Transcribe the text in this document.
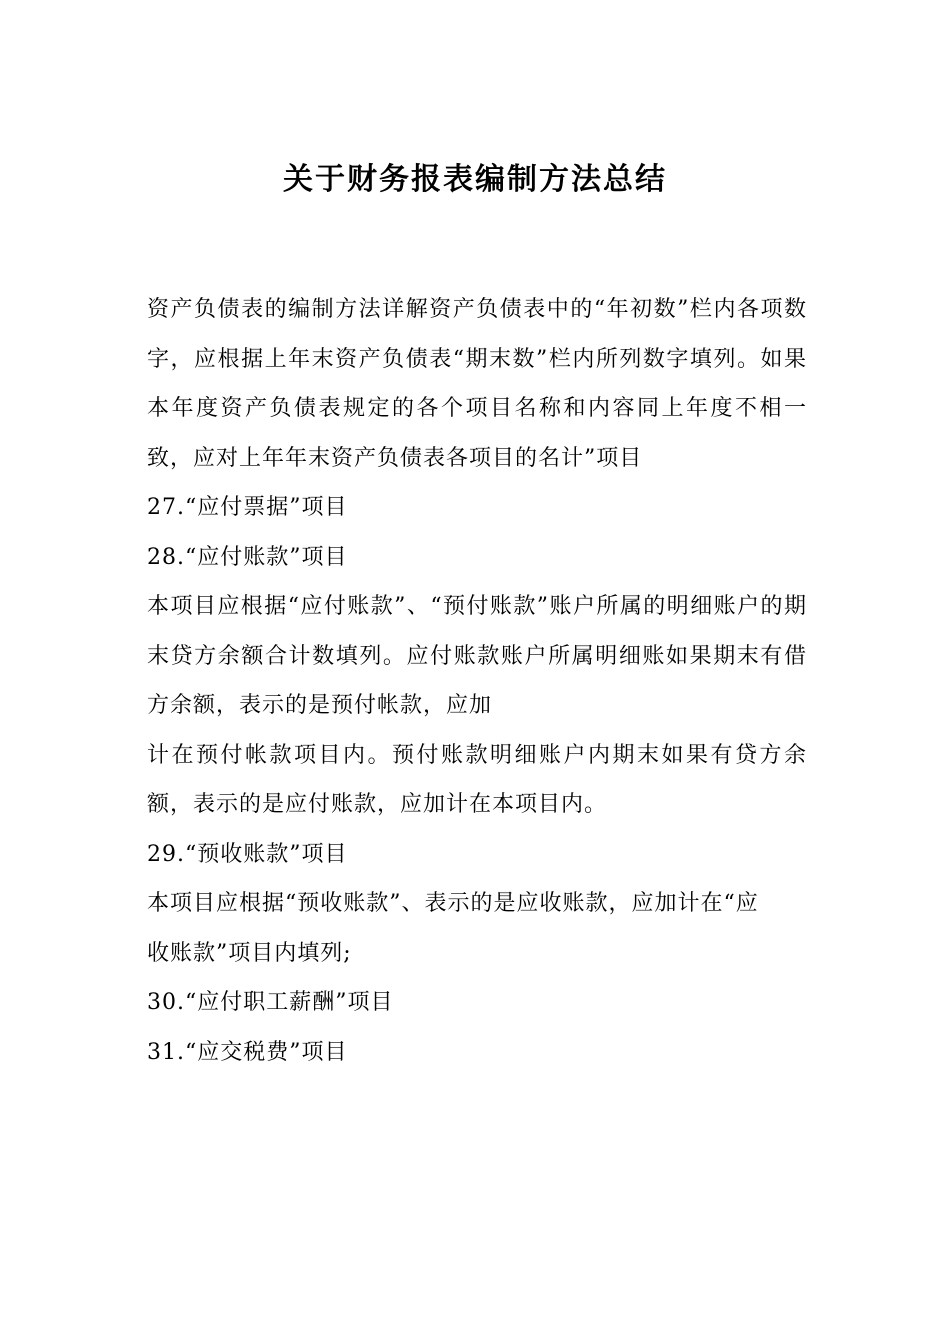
关于财务报表编制方法总结

资产负债表的编制方法详解资产负债表中的“年初数”栏内各项数字，应根据上年末资产负债表“期末数”栏内所列数字填列。如果本年度资产负债表规定的各个项目名称和内容同上年度不相一致，应对上年年末资产负债表各项目的名计”项目

27.“应付票据”项目

28.“应付账款”项目

本项目应根据“应付账款”、“预付账款”账户所属的明细账户的期末贷方余额合计数填列。应付账款账户所属明细账如果期末有借方余额，表示的是预付帐款，应加

计在预付帐款项目内。预付账款明细账户内期末如果有贷方余额，表示的是应付账款，应加计在本项目内。

29.“预收账款”项目

本项目应根据“预收账款”、表示的是应收账款，应加计在“应

收账款”项目内填列;

30.“应付职工薪酬”项目

31.“应交税费”项目
